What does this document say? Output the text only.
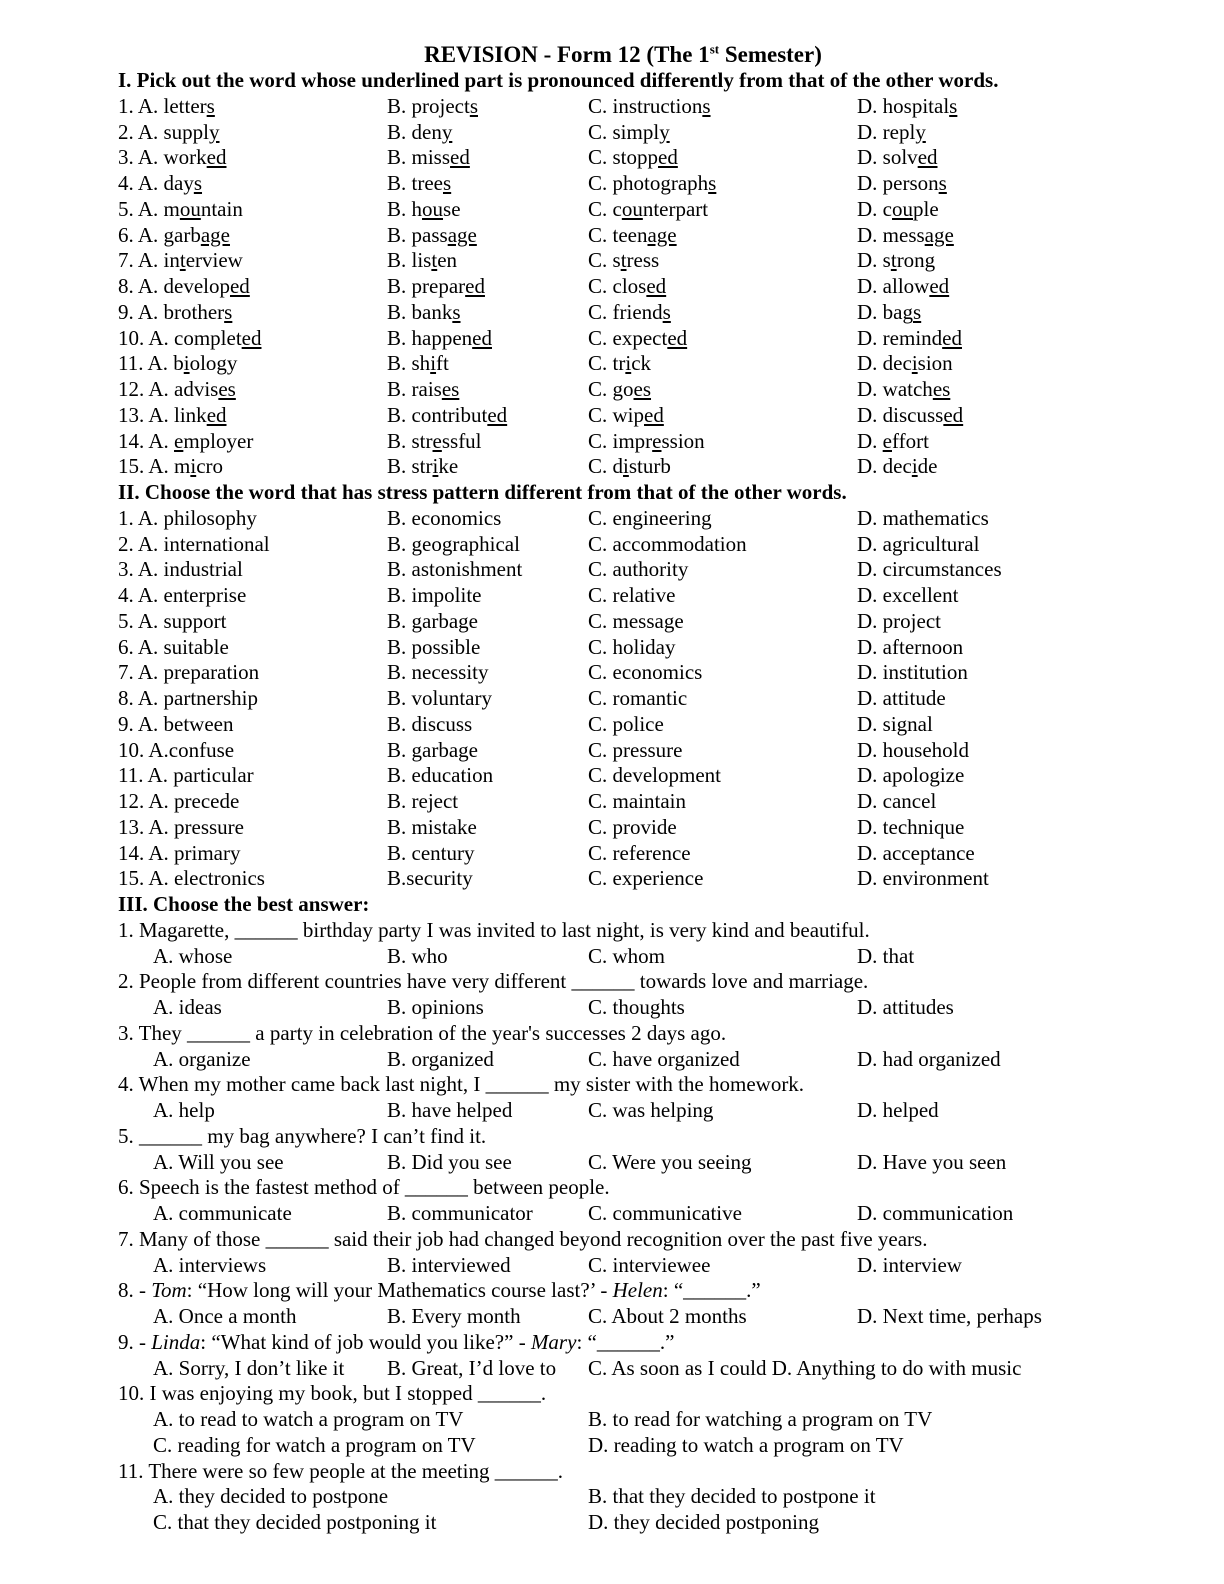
REVISION - Form 12 (The 1st Semester)
I. Pick out the word whose underlined part is pronounced differently from that of the other words.
1. A. letters	B. projects	C. instructions	D. hospitals
2. A. supply	B. deny	C. simply	D. reply
3. A. worked	B. missed	C. stopped	D. solved
4. A. days	B. trees	C. photographs	D. persons
5. A. mountain	B. house	C. counterpart	D. couple
6. A. garbage	B. passage	C. teenage	D. message
7. A. interview	B. listen	C. stress	D. strong
8. A. developed	B. prepared	C. closed	D. allowed
9. A. brothers	B. banks	C. friends	D. bags
10. A. completed	B. happened	C. expected	D. reminded
11. A. biology	B. shift	C. trick	D. decision
12. A. advises	B. raises	C. goes	D. watches
13. A. linked	B. contributed	C. wiped	D. discussed
14. A. employer	B. stressful	C. impression	D. effort
15. A. micro	B. strike	C. disturb	D. decide
II. Choose the word that has stress pattern different from that of the other words.
1. A. philosophy	B. economics	C. engineering	D. mathematics
2. A. international	B. geographical	C. accommodation	D. agricultural
3. A. industrial	B. astonishment	C. authority	D. circumstances
4. A. enterprise	B. impolite	C. relative	D. excellent
5. A. support	B. garbage	C. message	D. project
6. A. suitable	B. possible	C. holiday	D. afternoon
7. A. preparation	B. necessity	C. economics	D. institution
8. A. partnership	B. voluntary	C. romantic	D. attitude
9. A. between	B. discuss	C. police	D. signal
10. A.confuse	B. garbage	C. pressure	D. household
11. A. particular	B. education	C. development	D. apologize
12. A. precede	B. reject	C. maintain	D. cancel
13. A. pressure	B. mistake	C. provide	D. technique
14. A. primary	B. century	C. reference	D. acceptance
15. A. electronics	B.security	C. experience	D. environment
III. Choose the best answer:
1. Magarette, ______ birthday party I was invited to last night, is very kind and beautiful.
A. whose	B. who	C. whom	D. that
2. People from different countries have very different ______ towards love and marriage.
A. ideas	B. opinions	C. thoughts	D. attitudes
3. They ______ a party in celebration of the year's successes 2 days ago.
A. organize	B. organized	C. have organized	D. had organized
4. When my mother came back last night, I ______ my sister with the homework.
A. help	B. have helped	C. was helping	D. helped
5. ______ my bag anywhere? I can’t find it.
A. Will you see	B. Did you see	C. Were you seeing	D. Have you seen
6. Speech is the fastest method of ______ between people.
A. communicate	B. communicator	C. communicative	D. communication
7. Many of those ______ said their job had changed beyond recognition over the past five years.
A. interviews	B. interviewed	C. interviewee	D. interview
8. - Tom: “How long will your Mathematics course last?’ - Helen: “______.”
A. Once a month	B. Every month	C. About 2 months	D. Next time, perhaps
9. - Linda: “What kind of job would you like?” - Mary: “______.”
A. Sorry, I don’t like it B. Great, I’d love to C. As soon as I could D. Anything to do with music
10. I was enjoying my book, but I stopped ______.
A. to read to watch a program on TV	B. to read for watching a program on TV
C. reading for watch a program on TV	D. reading to watch a program on TV
11. There were so few people at the meeting ______.
A. they decided to postpone	B. that they decided to postpone it
C. that they decided postponing it	D. they decided postponing
